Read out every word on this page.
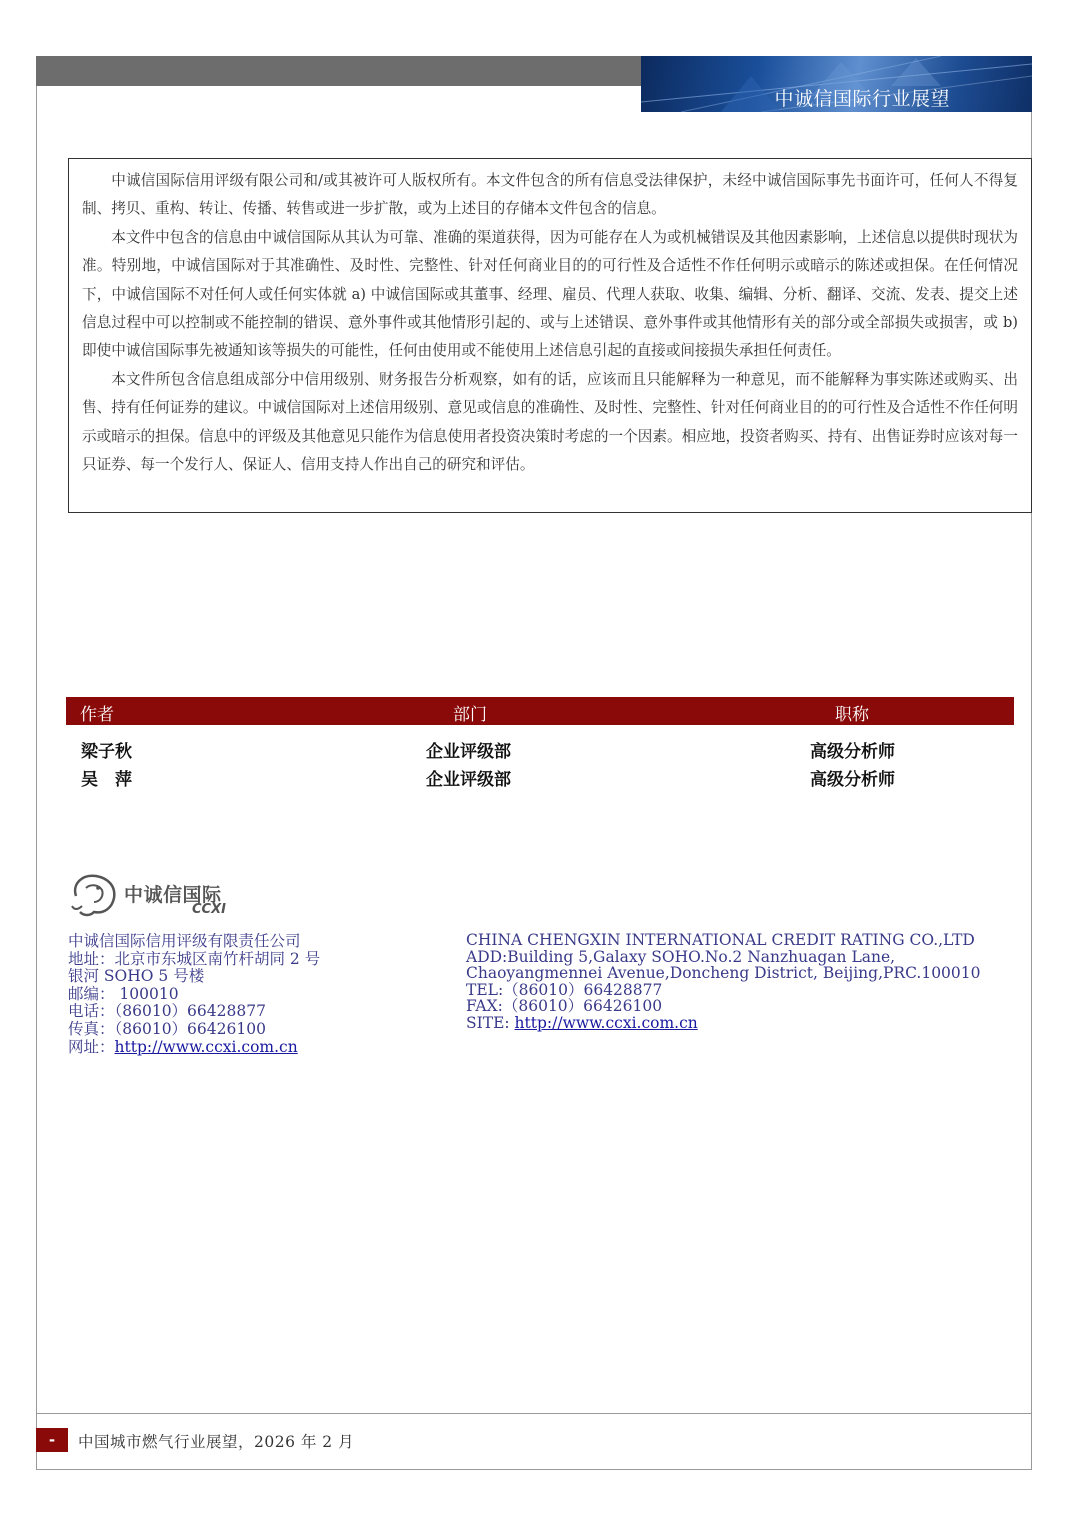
中诚信国际行业展望

中诚信国际信用评级有限公司和/或其被许可人版权所有。本文件包含的所有信息受法律保护，未经中诚信国际事先书面许可，任何人不得复制、拷贝、重构、转让、传播、转售或进一步扩散，或为上述目的存储本文件包含的信息。

本文件中包含的信息由中诚信国际从其认为可靠、准确的渠道获得，因为可能存在人为或机械错误及其他因素影响，上述信息以提供时现状为准。特别地，中诚信国际对于其准确性、及时性、完整性、针对任何商业目的的可行性及合适性不作任何明示或暗示的陈述或担保。在任何情况下，中诚信国际不对任何人或任何实体就 a) 中诚信国际或其董事、经理、雇员、代理人获取、收集、编辑、分析、翻译、交流、发表、提交上述信息过程中可以控制或不能控制的错误、意外事件或其他情形引起的、或与上述错误、意外事件或其他情形有关的部分或全部损失或损害，或 b) 即使中诚信国际事先被通知该等损失的可能性，任何由使用或不能使用上述信息引起的直接或间接损失承担任何责任。

本文件所包含信息组成部分中信用级别、财务报告分析观察，如有的话，应该而且只能解释为一种意见，而不能解释为事实陈述或购买、出售、持有任何证券的建议。中诚信国际对上述信用级别、意见或信息的准确性、及时性、完整性、针对任何商业目的的可行性及合适性不作任何明示或暗示的担保。信息中的评级及其他意见只能作为信息使用者投资决策时考虑的一个因素。相应地，投资者购买、持有、出售证券时应该对每一只证券、每一个发行人、保证人、信用支持人作出自己的研究和评估。

作者	部门	职称
梁子秋	企业评级部	高级分析师
吴　萍	企业评级部	高级分析师
中诚信国际
CCXI
中诚信国际信用评级有限责任公司
地址：北京市东城区南竹杆胡同 2 号
银河 SOHO 5 号楼
邮编： 100010
电话：（86010）66428877
传真：（86010）66426100
网址：http://www.ccxi.com.cn
CHINA CHENGXIN INTERNATIONAL CREDIT RATING CO.,LTD
ADD:Building 5,Galaxy SOHO.No.2 Nanzhuagan Lane,
Chaoyangmennei Avenue,Doncheng District, Beijing,PRC.100010
TEL:（86010）66428877
FAX:（86010）66426100
SITE: http://www.ccxi.com.cn
- 13
中国城市燃气行业展望，2026 年 2 月
